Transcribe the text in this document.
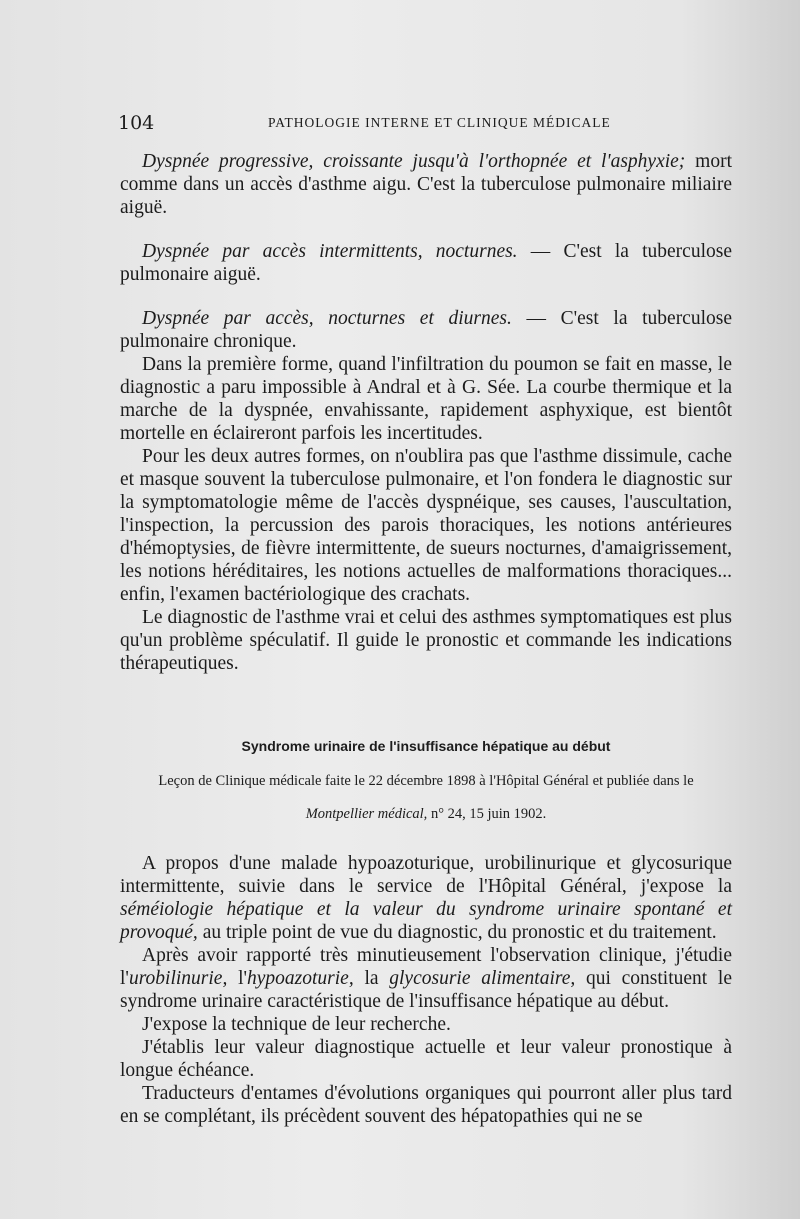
104	PATHOLOGIE INTERNE ET CLINIQUE MÉDICALE

Dyspnée progressive, croissante jusqu'à l'orthopnée et l'asphyxie; mort comme dans un accès d'asthme aigu. C'est la tuberculose pulmonaire miliaire aiguë.

Dyspnée par accès intermittents, nocturnes. — C'est la tuberculose pulmonaire aiguë.

Dyspnée par accès, nocturnes et diurnes. — C'est la tuberculose pulmonaire chronique.

Dans la première forme, quand l'infiltration du poumon se fait en masse, le diagnostic a paru impossible à Andral et à G. Sée. La courbe thermique et la marche de la dyspnée, envahissante, rapidement asphyxique, est bientôt mortelle en éclaireront parfois les incertitudes.

Pour les deux autres formes, on n'oublira pas que l'asthme dissimule, cache et masque souvent la tuberculose pulmonaire, et l'on fondera le diagnostic sur la symptomatologie même de l'accès dyspnéique, ses causes, l'auscultation, l'inspection, la percussion des parois thoraciques, les notions antérieures d'hémoptysies, de fièvre intermittente, de sueurs nocturnes, d'amaigrissement, les notions héréditaires, les notions actuelles de malformations thoraciques... enfin, l'examen bactériologique des crachats.

Le diagnostic de l'asthme vrai et celui des asthmes symptomatiques est plus qu'un problème spéculatif. Il guide le pronostic et commande les indications thérapeutiques.

Syndrome urinaire de l'insuffisance hépatique au début
Leçon de Clinique médicale faite le 22 décembre 1898 à l'Hôpital Général et publiée dans le
Montpellier médical, n° 24, 15 juin 1902.

A propos d'une malade hypoazoturique, urobilinurique et glycosurique intermittente, suivie dans le service de l'Hôpital Général, j'expose la séméiologie hépatique et la valeur du syndrome urinaire spontané et provoqué, au triple point de vue du diagnostic, du pronostic et du traitement.

Après avoir rapporté très minutieusement l'observation clinique, j'étudie l'urobilinurie, l'hypoazoturie, la glycosurie alimentaire, qui constituent le syndrome urinaire caractéristique de l'insuffisance hépatique au début.

J'expose la technique de leur recherche.

J'établis leur valeur diagnostique actuelle et leur valeur pronostique à longue échéance.

Traducteurs d'entames d'évolutions organiques qui pourront aller plus tard en se complétant, ils précèdent souvent des hépatopathies qui ne se
